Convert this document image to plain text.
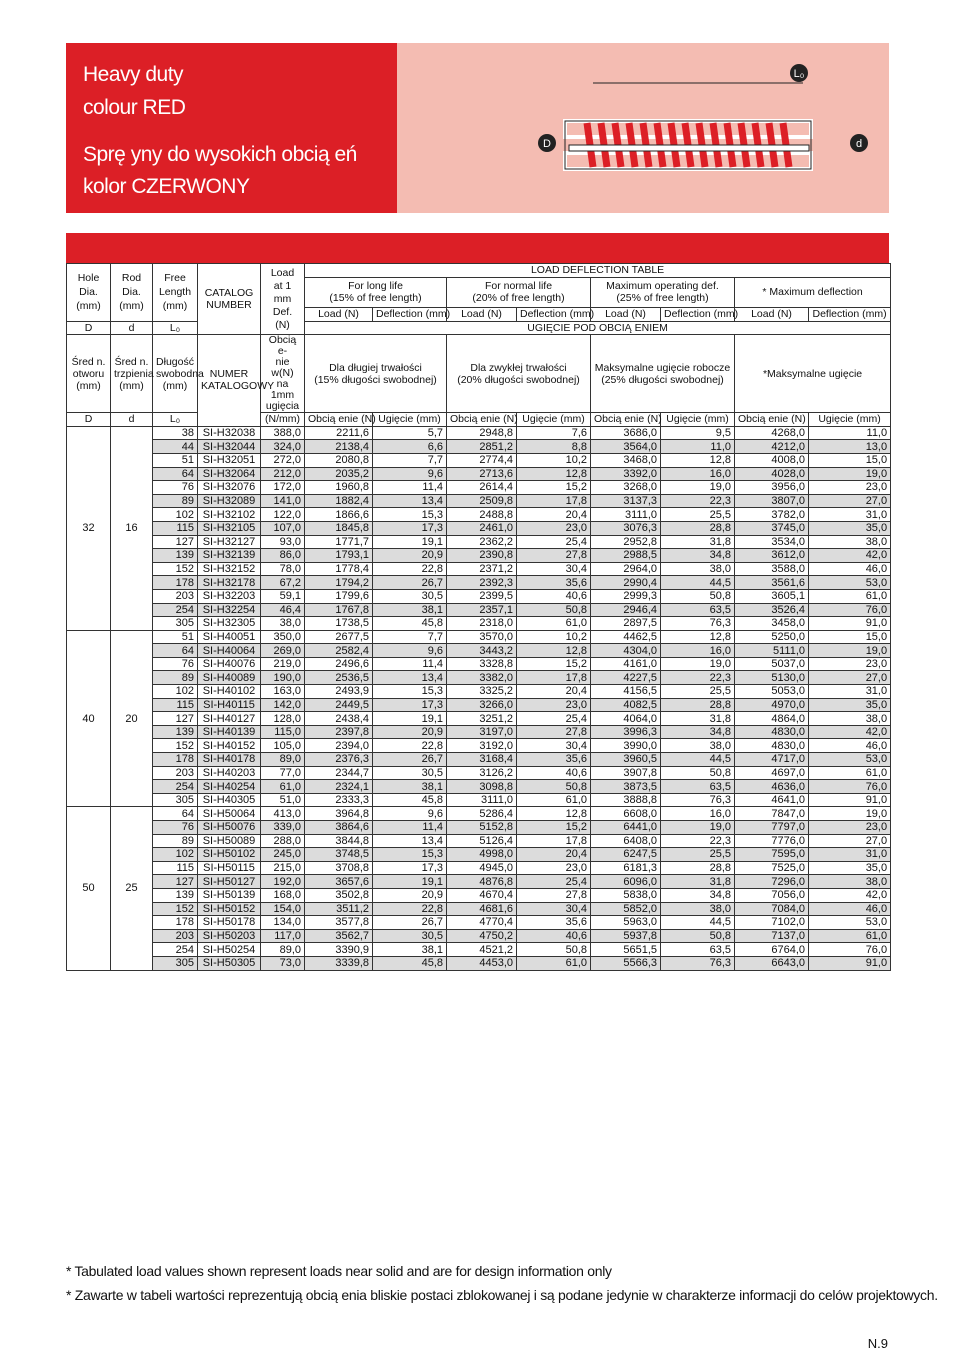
Heavy duty
colour RED
Sprę yny do wysokich obcią eń
kolor CZERWONY
L₀
D	d
Hole
Dia.
(mm)	Rod
Dia.
(mm)	Free
Length
(mm)	CATALOG
NUMBER	Load
at 1 mm
Def.
(N)	LOAD DEFLECTION TABLE							
					For long life
(15% of free length)		For normal life
(20% of free length)		Maximum operating def.
(25% of free length)		* Maximum deflection	
					Load (N)	Deflection (mm)	Load (N)	Deflection (mm)	Load (N)	Deflection (mm)	Load (N)	Deflection (mm)
D	d	L₀			UGIĘCIE POD OBCIĄ ENIEM							
Śred n.
otworu
(mm)	Śred n.
trzpienia
(mm)	Długość
swobodna
(mm)	NUMER
KATALOGOWY	Obcią e-
nie w(N)
na 1mm
ugięcia	Dla długiej trwałości
(15% długości swobodnej)		Dla zwykłej trwałości
(20% długości swobodnej)		Maksymalne ugięcie robocze
(25% długości swobodnej)		*Maksymalne ugięcie	
D	d	L₀		(N/mm)	Obcią enie (N)	Ugięcie (mm)	Obcią enie (N)	Ugięcie (mm)	Obcią enie (N)	Ugięcie (mm)	Obcią enie (N)	Ugięcie (mm)
32	16	38	SI-H32038	388,0	2211,6	5,7	2948,8	7,6	3686,0	9,5	4268,0	11,0
		44	SI-H32044	324,0	2138,4	6,6	2851,2	8,8	3564,0	11,0	4212,0	13,0
		51	SI-H32051	272,0	2080,8	7,7	2774,4	10,2	3468,0	12,8	4008,0	15,0
		64	SI-H32064	212,0	2035,2	9,6	2713,6	12,8	3392,0	16,0	4028,0	19,0
		76	SI-H32076	172,0	1960,8	11,4	2614,4	15,2	3268,0	19,0	3956,0	23,0
		89	SI-H32089	141,0	1882,4	13,4	2509,8	17,8	3137,3	22,3	3807,0	27,0
		102	SI-H32102	122,0	1866,6	15,3	2488,8	20,4	3111,0	25,5	3782,0	31,0
		115	SI-H32105	107,0	1845,8	17,3	2461,0	23,0	3076,3	28,8	3745,0	35,0
		127	SI-H32127	93,0	1771,7	19,1	2362,2	25,4	2952,8	31,8	3534,0	38,0
		139	SI-H32139	86,0	1793,1	20,9	2390,8	27,8	2988,5	34,8	3612,0	42,0
		152	SI-H32152	78,0	1778,4	22,8	2371,2	30,4	2964,0	38,0	3588,0	46,0
		178	SI-H32178	67,2	1794,2	26,7	2392,3	35,6	2990,4	44,5	3561,6	53,0
		203	SI-H32203	59,1	1799,6	30,5	2399,5	40,6	2999,3	50,8	3605,1	61,0
		254	SI-H32254	46,4	1767,8	38,1	2357,1	50,8	2946,4	63,5	3526,4	76,0
		305	SI-H32305	38,0	1738,5	45,8	2318,0	61,0	2897,5	76,3	3458,0	91,0
40	20	51	SI-H40051	350,0	2677,5	7,7	3570,0	10,2	4462,5	12,8	5250,0	15,0
		64	SI-H40064	269,0	2582,4	9,6	3443,2	12,8	4304,0	16,0	5111,0	19,0
		76	SI-H40076	219,0	2496,6	11,4	3328,8	15,2	4161,0	19,0	5037,0	23,0
		89	SI-H40089	190,0	2536,5	13,4	3382,0	17,8	4227,5	22,3	5130,0	27,0
		102	SI-H40102	163,0	2493,9	15,3	3325,2	20,4	4156,5	25,5	5053,0	31,0
		115	SI-H40115	142,0	2449,5	17,3	3266,0	23,0	4082,5	28,8	4970,0	35,0
		127	SI-H40127	128,0	2438,4	19,1	3251,2	25,4	4064,0	31,8	4864,0	38,0
		139	SI-H40139	115,0	2397,8	20,9	3197,0	27,8	3996,3	34,8	4830,0	42,0
		152	SI-H40152	105,0	2394,0	22,8	3192,0	30,4	3990,0	38,0	4830,0	46,0
		178	SI-H40178	89,0	2376,3	26,7	3168,4	35,6	3960,5	44,5	4717,0	53,0
		203	SI-H40203	77,0	2344,7	30,5	3126,2	40,6	3907,8	50,8	4697,0	61,0
		254	SI-H40254	61,0	2324,1	38,1	3098,8	50,8	3873,5	63,5	4636,0	76,0
		305	SI-H40305	51,0	2333,3	45,8	3111,0	61,0	3888,8	76,3	4641,0	91,0
50	25	64	SI-H50064	413,0	3964,8	9,6	5286,4	12,8	6608,0	16,0	7847,0	19,0
		76	SI-H50076	339,0	3864,6	11,4	5152,8	15,2	6441,0	19,0	7797,0	23,0
		89	SI-H50089	288,0	3844,8	13,4	5126,4	17,8	6408,0	22,3	7776,0	27,0
		102	SI-H50102	245,0	3748,5	15,3	4998,0	20,4	6247,5	25,5	7595,0	31,0
		115	SI-H50115	215,0	3708,8	17,3	4945,0	23,0	6181,3	28,8	7525,0	35,0
		127	SI-H50127	192,0	3657,6	19,1	4876,8	25,4	6096,0	31,8	7296,0	38,0
		139	SI-H50139	168,0	3502,8	20,9	4670,4	27,8	5838,0	34,8	7056,0	42,0
		152	SI-H50152	154,0	3511,2	22,8	4681,6	30,4	5852,0	38,0	7084,0	46,0
		178	SI-H50178	134,0	3577,8	26,7	4770,4	35,6	5963,0	44,5	7102,0	53,0
		203	SI-H50203	117,0	3562,7	30,5	4750,2	40,6	5937,8	50,8	7137,0	61,0
		254	SI-H50254	89,0	3390,9	38,1	4521,2	50,8	5651,5	63,5	6764,0	76,0
		305	SI-H50305	73,0	3339,8	45,8	4453,0	61,0	5566,3	76,3	6643,0	91,0
* Tabulated load values shown represent loads near solid and are for design information only
* Zawarte w tabeli wartości reprezentują obcią enia bliskie postaci zblokowanej i są podane jedynie w charakterze informacji do celów projektowych.
N.9
